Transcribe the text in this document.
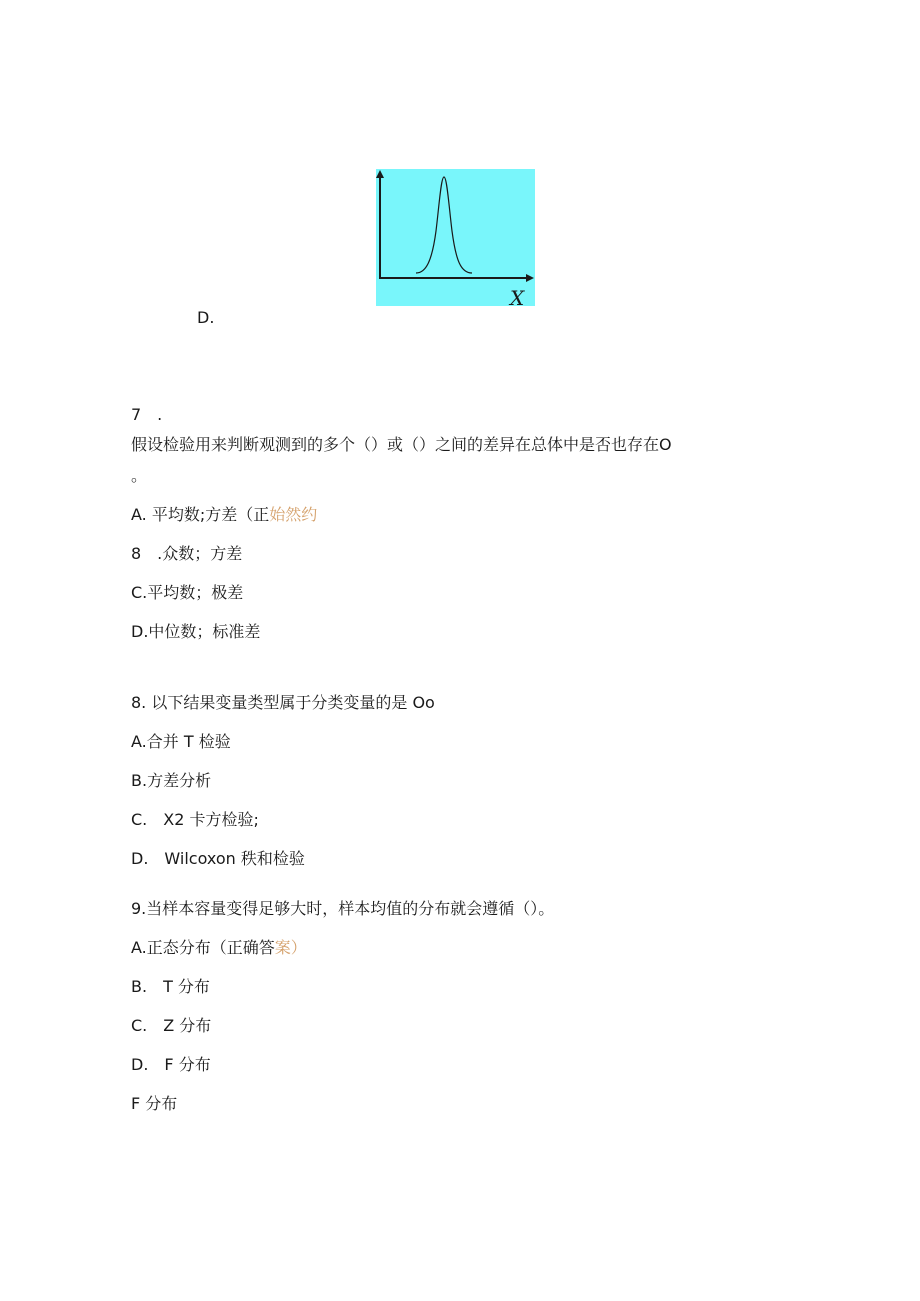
X
D.
7　.
假设检验用来判断观测到的多个（）或（）之间的差异在总体中是否也存在O
。
A. 平均数;方差（正始然约
8　.众数；方差
C.平均数；极差
D.中位数；标准差
8. 以下结果变量类型属于分类变量的是 Oo
A.合并 T 检验
B.方差分析
C.　X2 卡方检验;
D.　Wilcoxon 秩和检验
9.当样本容量变得足够大时，样本均值的分布就会遵循（）。
A.正态分布（正确答案）
B.　T 分布
C.　Z 分布
D.　F 分布
F 分布
